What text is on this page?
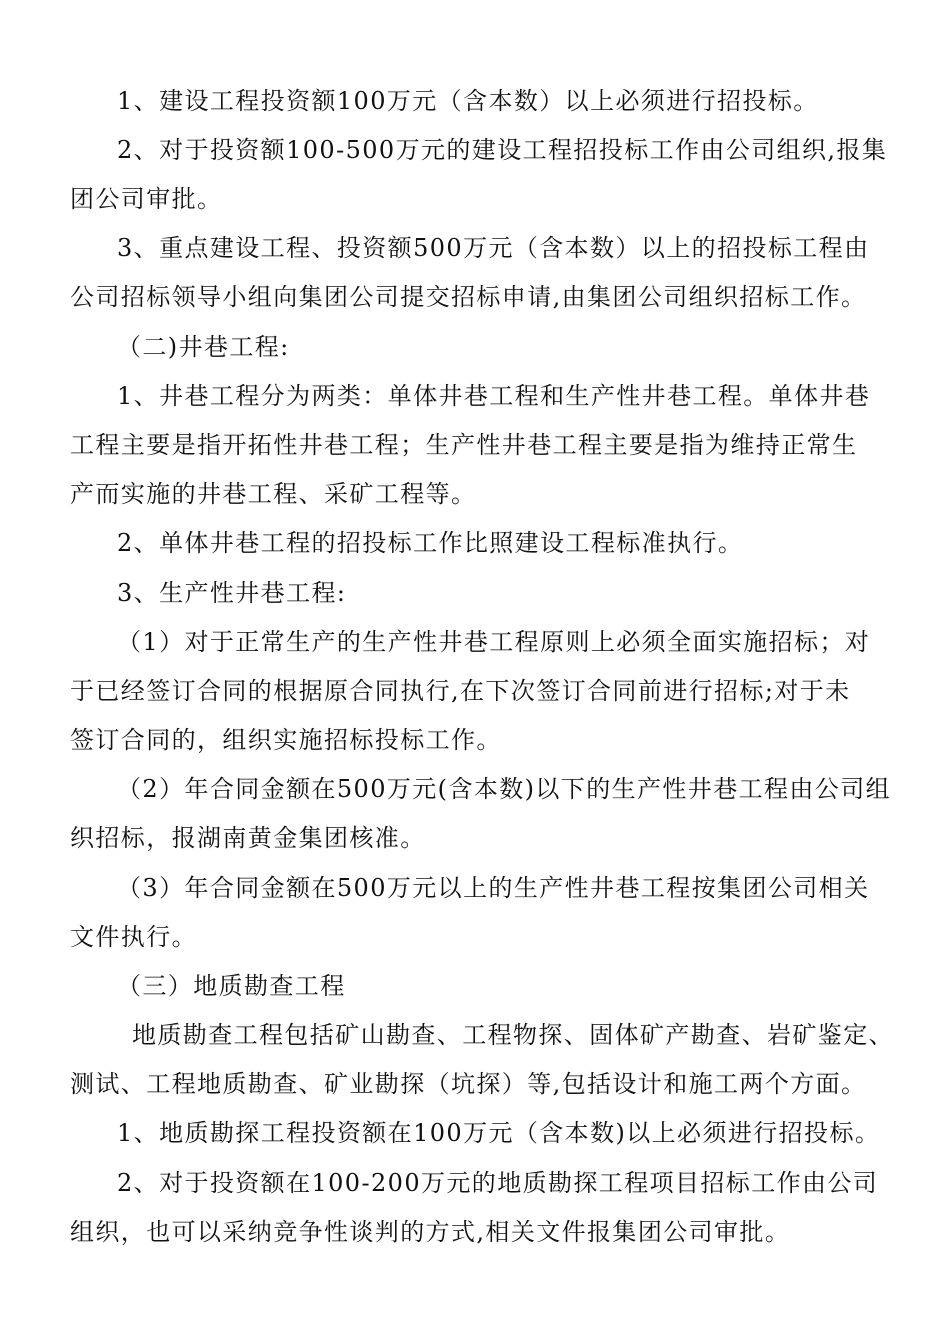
1、建设工程投资额100万元（含本数）以上必须进行招投标。

2、对于投资额100-500万元的建设工程招投标工作由公司组织,报集

团公司审批。

3、重点建设工程、投资额500万元（含本数）以上的招投标工程由

公司招标领导小组向集团公司提交招标申请,由集团公司组织招标工作。

（二)井巷工程:

1、井巷工程分为两类：单体井巷工程和生产性井巷工程。单体井巷

工程主要是指开拓性井巷工程；生产性井巷工程主要是指为维持正常生

产而实施的井巷工程、采矿工程等。

2、单体井巷工程的招投标工作比照建设工程标准执行。

3、生产性井巷工程:

（1）对于正常生产的生产性井巷工程原则上必须全面实施招标；对

于已经签订合同的根据原合同执行,在下次签订合同前进行招标;对于未

签订合同的，组织实施招标投标工作。

（2）年合同金额在500万元(含本数)以下的生产性井巷工程由公司组

织招标，报湖南黄金集团核准。

（3）年合同金额在500万元以上的生产性井巷工程按集团公司相关

文件执行。

（三）地质勘查工程

地质勘查工程包括矿山勘查、工程物探、固体矿产勘查、岩矿鉴定、

测试、工程地质勘查、矿业勘探（坑探）等,包括设计和施工两个方面。

1、地质勘探工程投资额在100万元（含本数)以上必须进行招投标。

2、对于投资额在100-200万元的地质勘探工程项目招标工作由公司

组织，也可以采纳竞争性谈判的方式,相关文件报集团公司审批。
